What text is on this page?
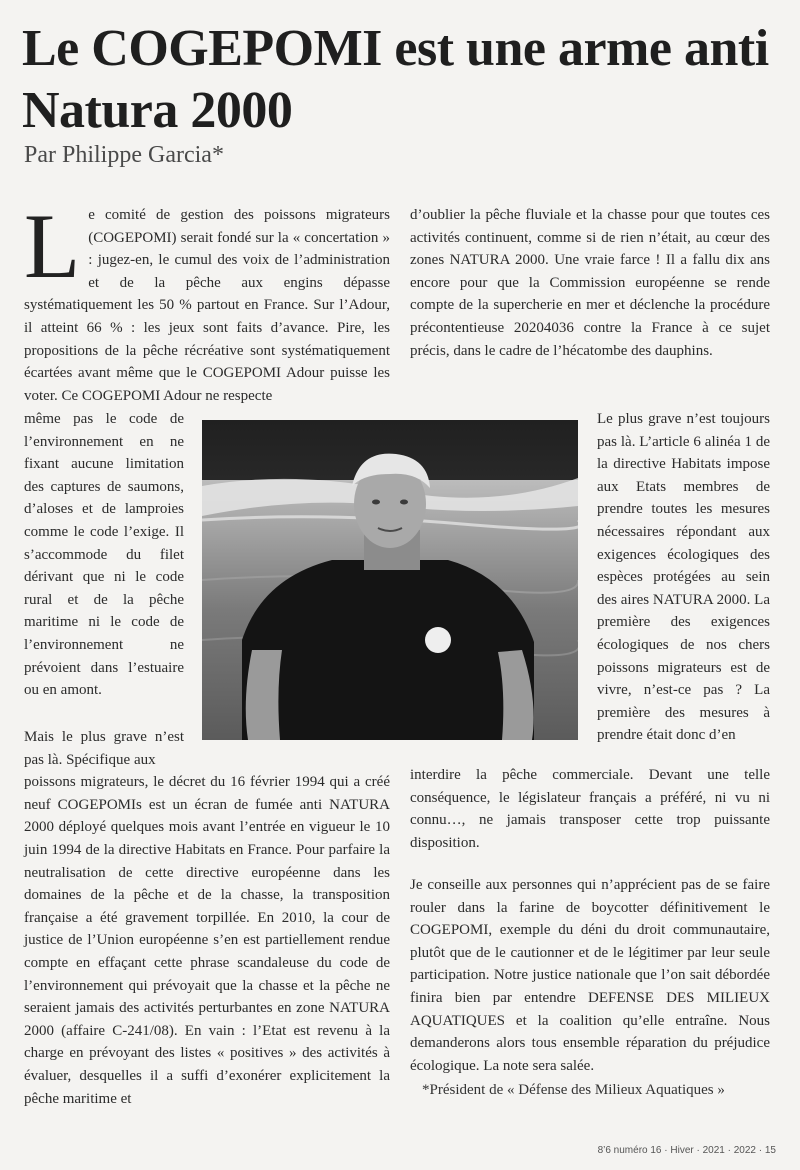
Le COGEPOMI est une arme anti Natura 2000
Par Philippe Garcia*
L e comité de gestion des poissons migrateurs (COGEPOMI) serait fondé sur la « concertation » : jugez-en, le cumul des voix de l’administration et de la pêche aux engins dépasse systématiquement les 50 % partout en France. Sur l’Adour, il atteint 66 % : les jeux sont faits d’avance. Pire, les propositions de la pêche récréative sont systématiquement écartées avant même que le COGEPOMI Adour puisse les voter. Ce COGEPOMI Adour ne respecte

d’oublier la pêche fluviale et la chasse pour que toutes ces activités continuent, comme si de rien n’était, au cœur des zones NATURA 2000. Une vraie farce ! Il a fallu dix ans encore pour que la Commission européenne se rende compte de la supercherie en mer et déclenche la procédure précontentieuse 20204036 contre la France à ce sujet précis, dans le cadre de l’hécatombe des dauphins.

même pas le code de l’environnement en ne fixant aucune limitation des captures de saumons, d’aloses et de lamproies comme le code l’exige. Il s’accommode du filet dérivant que ni le code rural et de la pêche maritime ni le code de l’environnement ne prévoient dans l’estuaire ou en amont.

Le plus grave n’est toujours pas là. L’article 6 alinéa 1 de la directive Habitats impose aux Etats membres de prendre toutes les mesures nécessaires répondant aux exigences écologiques des espèces protégées au sein des aires NATURA 2000. La première des exigences écologiques de nos chers poissons migrateurs est de vivre, n’est-ce pas ? La première des mesures à prendre était donc d’en

Mais le plus grave n’est pas là. Spécifique aux

poissons migrateurs, le décret du 16 février 1994 qui a créé neuf COGEPOMIs est un écran de fumée anti NATURA 2000 déployé quelques mois avant l’entrée en vigueur le 10 juin 1994 de la directive Habitats en France. Pour parfaire la neutralisation de cette directive européenne dans les domaines de la pêche et de la chasse, la transposition française a été gravement torpillée. En 2010, la cour de justice de l’Union européenne s’en est partiellement rendue compte en effaçant cette phrase scandaleuse du code de l’environnement qui prévoyait que la chasse et la pêche ne seraient jamais des activités perturbantes en zone NATURA 2000 (affaire C-241/08). En vain : l’Etat est revenu à la charge en prévoyant des listes « positives » des activités à évaluer, desquelles il a suffi d’exonérer explicitement la pêche maritime et

interdire la pêche commerciale. Devant une telle conséquence, le législateur français a préféré, ni vu ni connu…, ne jamais transposer cette trop puissante disposition.

Je conseille aux personnes qui n’apprécient pas de se faire rouler dans la farine de boycotter définitivement le COGEPOMI, exemple du déni du droit communautaire, plutôt que de le cautionner et de le légitimer par leur seule participation. Notre justice nationale que l’on sait débordée finira bien par entendre DEFENSE DES MILIEUX AQUATIQUES et la coalition qu’elle entraîne. Nous demanderons alors tous ensemble réparation du préjudice écologique. La note sera salée.

*Président de « Défense des Milieux Aquatiques »
8’6 numéro 16 · Hiver · 2021 · 2022 · 15
